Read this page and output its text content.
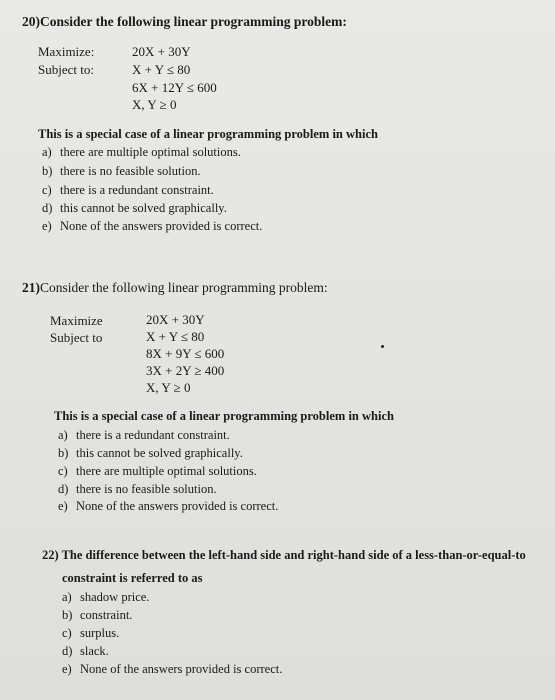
20)Consider the following linear programming problem:
Maximize:
Subject to:
20X + 30Y
X + Y ≤ 80
6X + 12Y ≤ 600
X, Y ≥ 0
This is a special case of a linear programming problem in which
a) there are multiple optimal solutions.
b) there is no feasible solution.
c) there is a redundant constraint.
d) this cannot be solved graphically.
e) None of the answers provided is correct.
21)Consider the following linear programming problem:
Maximize
Subject to
20X + 30Y
X + Y ≤ 80
8X + 9Y ≤ 600
3X + 2Y ≥ 400
X, Y ≥ 0
This is a special case of a linear programming problem in which
a) there is a redundant constraint.
b) this cannot be solved graphically.
c) there are multiple optimal solutions.
d) there is no feasible solution.
e) None of the answers provided is correct.
22) The difference between the left-hand side and right-hand side of a less-than-or-equal-to
constraint is referred to as
a) shadow price.
b) constraint.
c) surplus.
d) slack.
e) None of the answers provided is correct.
